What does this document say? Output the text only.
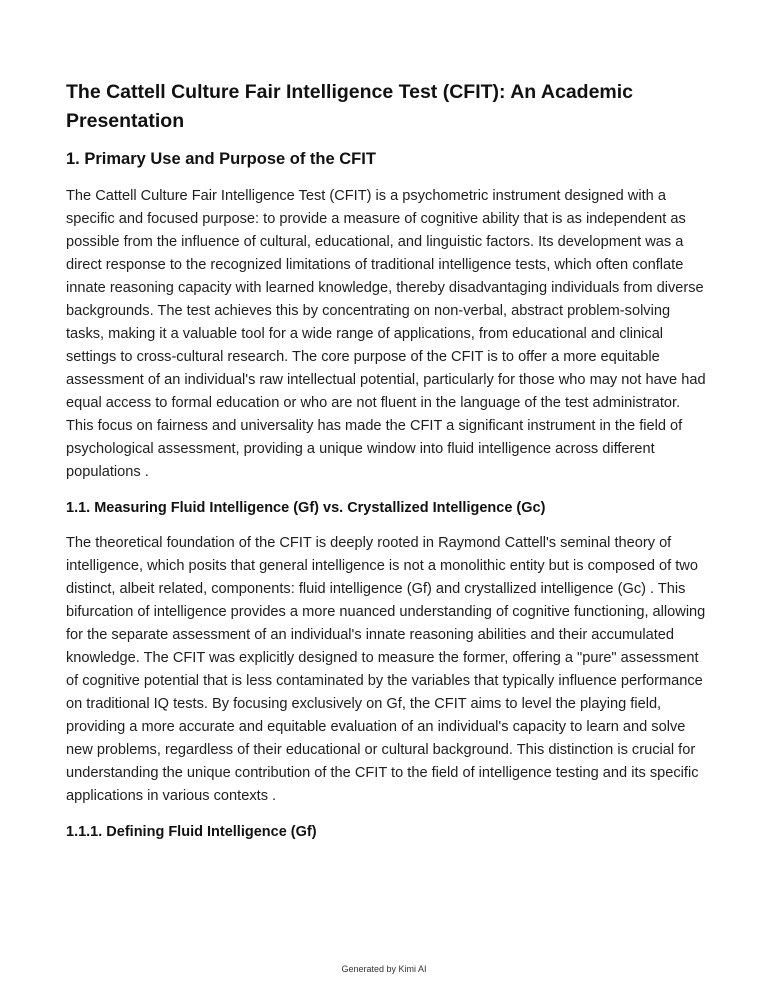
The Cattell Culture Fair Intelligence Test (CFIT): An Academic Presentation
1. Primary Use and Purpose of the CFIT

The Cattell Culture Fair Intelligence Test (CFIT) is a psychometric instrument designed with a specific and focused purpose: to provide a measure of cognitive ability that is as independent as possible from the influence of cultural, educational, and linguistic factors. Its development was a direct response to the recognized limitations of traditional intelligence tests, which often conflate innate reasoning capacity with learned knowledge, thereby disadvantaging individuals from diverse backgrounds. The test achieves this by concentrating on non-verbal, abstract problem-solving tasks, making it a valuable tool for a wide range of applications, from educational and clinical settings to cross-cultural research. The core purpose of the CFIT is to offer a more equitable assessment of an individual's raw intellectual potential, particularly for those who may not have had equal access to formal education or who are not fluent in the language of the test administrator. This focus on fairness and universality has made the CFIT a significant instrument in the field of psychological assessment, providing a unique window into fluid intelligence across different populations .

1.1. Measuring Fluid Intelligence (Gf) vs. Crystallized Intelligence (Gc)

The theoretical foundation of the CFIT is deeply rooted in Raymond Cattell's seminal theory of intelligence, which posits that general intelligence is not a monolithic entity but is composed of two distinct, albeit related, components: fluid intelligence (Gf) and crystallized intelligence (Gc) . This bifurcation of intelligence provides a more nuanced understanding of cognitive functioning, allowing for the separate assessment of an individual's innate reasoning abilities and their accumulated knowledge. The CFIT was explicitly designed to measure the former, offering a "pure" assessment of cognitive potential that is less contaminated by the variables that typically influence performance on traditional IQ tests. By focusing exclusively on Gf, the CFIT aims to level the playing field, providing a more accurate and equitable evaluation of an individual's capacity to learn and solve new problems, regardless of their educational or cultural background. This distinction is crucial for understanding the unique contribution of the CFIT to the field of intelligence testing and its specific applications in various contexts .

1.1.1. Defining Fluid Intelligence (Gf)
Generated by Kimi AI
